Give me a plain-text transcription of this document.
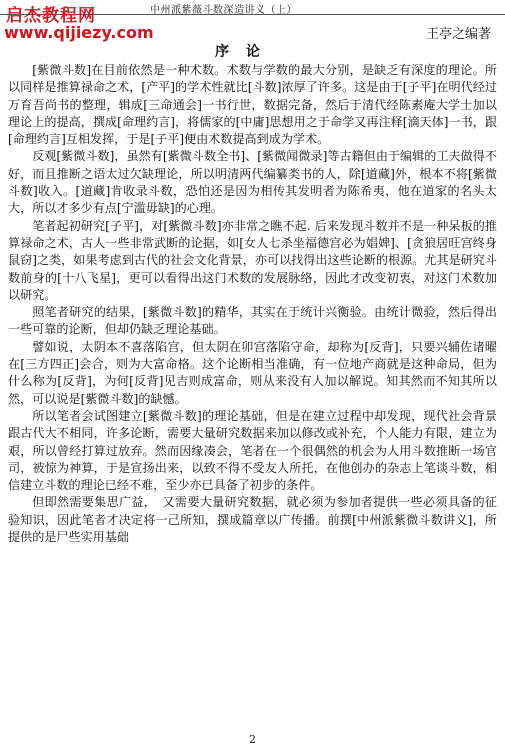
中州派紫薇斗数深造讲义（上）
启杰教程网
www.qijiezy.com	王亭之编著
序 论

[紫微斗数]在目前依然是一种术数。术数与学数的最大分别，是缺乏有深度的理论。所以同样是推算禄命之术，[产平]的学术性就比[斗数]浓厚了许多。这是由于[子平]在明代经过万育吾尚书的整理，辑成[三命通会]一书行世，数据完备，然后于清代经陈素庵大学士加以理论上的提高，撰成[命理约言]，将儒家的[中庸]思想用之于命学又再注释[滴天体]一书，跟[命理约言]互相发挥，于是[子平]便由术数提高到成为学术。

反观[紫微斗数]，虽然有[紫微斗数全书]、[紫微闻微录]等古籍但由于编辑的工夫做得不好，而且推断之语太过欠缺理论，所以明清两代编纂类书的人，除[道藏]外，根本不将[紫微斗数]收入。[道藏]肯收录斗数，恐怕还是因为相传其发明者为陈希夷，他在道家的名头太大，所以才多少有点[宁滥毋缺]的心理。

笔者起初研究[子平]，对[紫微斗数]亦非常之瞧不起. 后来发现斗数并不是一种呆板的推算禄命之术，古人一些非常武断的论据，如[女人七杀坐福德宫必为娼婢]、[贪狼居旺宫终身鼠窃]之类，如果考虑到古代的社会文化背景，亦可以找得出这些论断的根源。尤其是研究斗数前身的[十八飞星]，更可以看得出这门术数的发展脉络，因此才改变初衷，对这门术数加以研究。

照笔者研究的结果，[紫微斗数]的精华，其实在于统计兴衡验。由统计微验，然后得出一些可靠的论断，但却仍缺乏理论基础。

譬如说，太阴本不喜落陷宫，但太阴在卯宫落陷守命，却称为[反背]，只要兴辅佐诸曜在[三方四正]会合，则为大富命格。这个论断相当准确，有一位地产商就是这种命局，但为什么称为[反背]，为何[反背]见吉则成富命，则从来没有人加以解说。知其然而不知其所以然，可以说是[紫微斗数]的缺憾。

所以笔者会试图建立[紫微斗数]的理论基础，但是在建立过程中却发现，现代社会背景跟古代大不相同，许多论断，需要大量研究数据来加以修改或补充，个人能力有限，建立为艰，所以曾经打算过放弃。然而因缘凑会，笔者在一个很偶然的机会为人用斗数推断一场官司，被惊为神算，于是宣扬出来，以致不得不受友人所托，在他创办的杂志上笔谈斗数，相信建立斗数的理论已经不难，至少亦已具备了初步的条件。

但即然需要集思广益，　又需要大量研究数据，就必须为参加者提供一些必须具备的征验知识，因此笔者才决定将一己所知，撰成篇章以广传播。前撰[中州派紫微斗数讲义]，所提供的是尸些实用基础

2
